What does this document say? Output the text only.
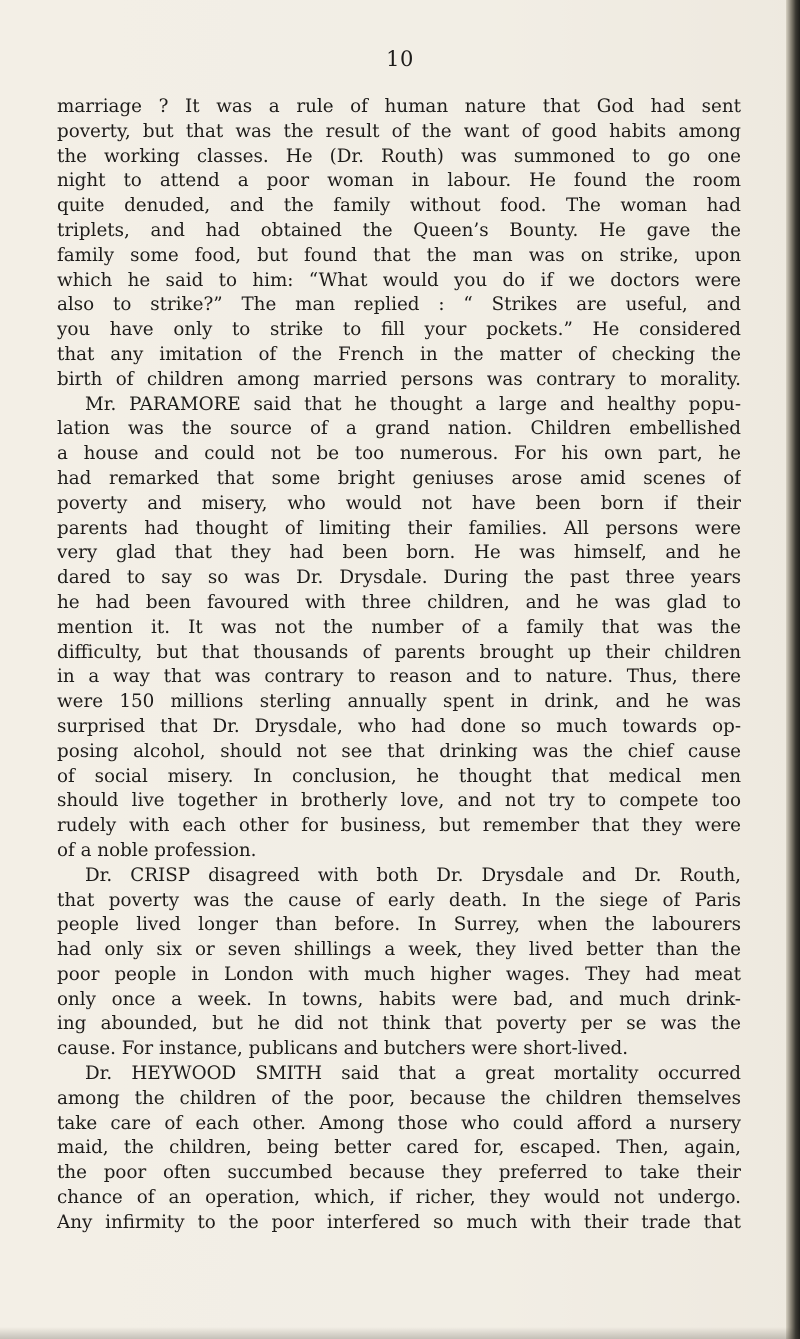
10
marriage ? It was a rule of human nature that God had sent
poverty, but that was the result of the want of good habits among
the working classes. He (Dr. Routh) was summoned to go one
night to attend a poor woman in labour. He found the room
quite denuded, and the family without food. The woman had
triplets, and had obtained the Queen’s Bounty. He gave the
family some food, but found that the man was on strike, upon
which he said to him: “What would you do if we doctors were
also to strike?” The man replied : “ Strikes are useful, and
you have only to strike to fill your pockets.” He considered
that any imitation of the French in the matter of checking the
birth of children among married persons was contrary to morality.
Mr. PARAMORE said that he thought a large and healthy popu-
lation was the source of a grand nation. Children embellished
a house and could not be too numerous. For his own part, he
had remarked that some bright geniuses arose amid scenes of
poverty and misery, who would not have been born if their
parents had thought of limiting their families. All persons were
very glad that they had been born. He was himself, and he
dared to say so was Dr. Drysdale. During the past three years
he had been favoured with three children, and he was glad to
mention it. It was not the number of a family that was the
difficulty, but that thousands of parents brought up their children
in a way that was contrary to reason and to nature. Thus, there
were 150 millions sterling annually spent in drink, and he was
surprised that Dr. Drysdale, who had done so much towards op-
posing alcohol, should not see that drinking was the chief cause
of social misery. In conclusion, he thought that medical men
should live together in brotherly love, and not try to compete too
rudely with each other for business, but remember that they were
of a noble profession.
Dr. CRISP disagreed with both Dr. Drysdale and Dr. Routh,
that poverty was the cause of early death. In the siege of Paris
people lived longer than before. In Surrey, when the labourers
had only six or seven shillings a week, they lived better than the
poor people in London with much higher wages. They had meat
only once a week. In towns, habits were bad, and much drink-
ing abounded, but he did not think that poverty per se was the
cause. For instance, publicans and butchers were short-lived.
Dr. HEYWOOD SMITH said that a great mortality occurred
among the children of the poor, because the children themselves
take care of each other. Among those who could afford a nursery
maid, the children, being better cared for, escaped. Then, again,
the poor often succumbed because they preferred to take their
chance of an operation, which, if richer, they would not undergo.
Any infirmity to the poor interfered so much with their trade that
